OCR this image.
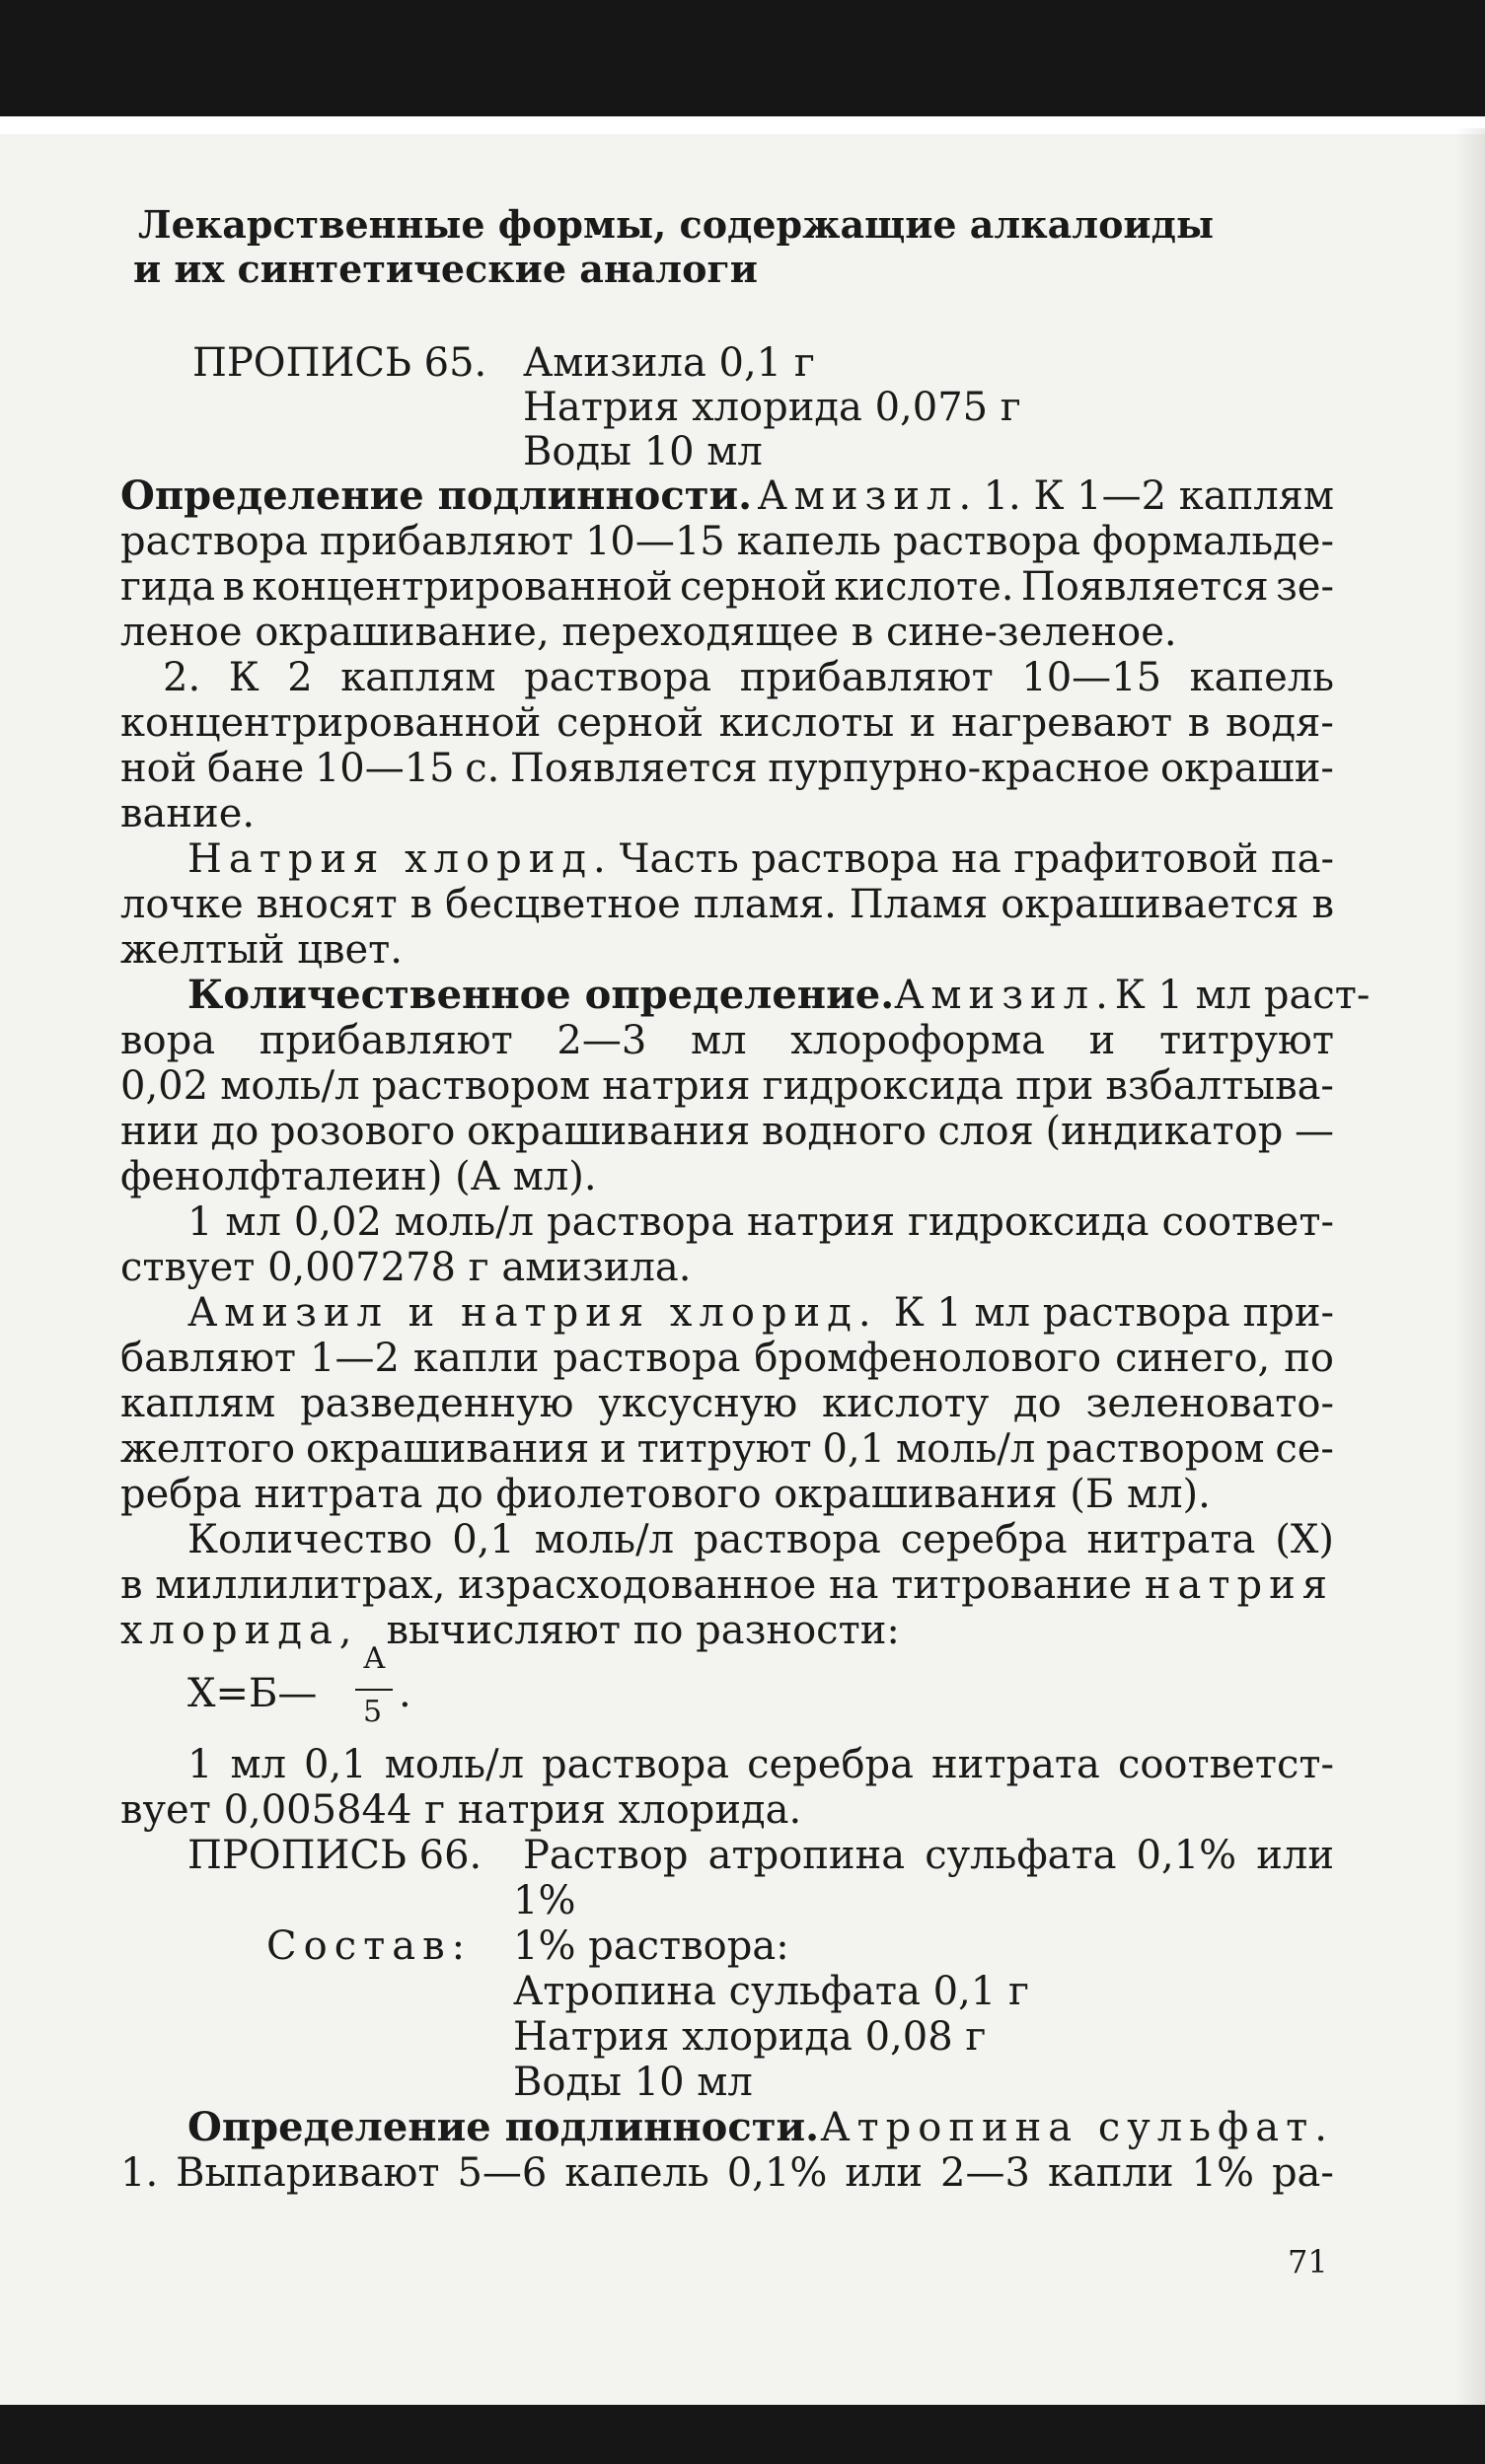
Лекарственные формы, содержащие алкалоиды
и их синтетические аналоги
ПРОПИСЬ 65. Амизила 0,1 г
Натрия хлорида 0,075 г
Воды 10 мл
Определение подлинности. Амизил. 1. К 1—2 каплям
раствора прибавляют 10—15 капель раствора формальде-
гида в концентрированной серной кислоте. Появляется зе-
леное окрашивание, переходящее в сине-зеленое.
2. К 2 каплям раствора прибавляют 10—15 капель
концентрированной серной кислоты и нагревают в водя-
ной бане 10—15 с. Появляется пурпурно-красное окраши-
вание.
Натрия хлорид. Часть раствора на графитовой па-
лочке вносят в бесцветное пламя. Пламя окрашивается в
желтый цвет.
Количественное определение. Амизил. К 1 мл раст-
вора прибавляют 2—3 мл хлороформа и титруют
0,02 моль/л раствором натрия гидроксида при взбалтыва-
нии до розового окрашивания водного слоя (индикатор —
фенолфталеин) (А мл).
1 мл 0,02 моль/л раствора натрия гидроксида соответ-
ствует 0,007278 г амизила.
Амизил и натрия хлорид. К 1 мл раствора при-
бавляют 1—2 капли раствора бромфенолового синего, по
каплям разведенную уксусную кислоту до зеленовато-
желтого окрашивания и титруют 0,1 моль/л раствором се-
ребра нитрата до фиолетового окрашивания (Б мл).
Количество 0,1 моль/л раствора серебра нитрата (X)
в миллилитрах, израсходованное на титрование натрия
хлорида, вычисляют по разности:
X=Б—
А
5 .
1 мл 0,1 моль/л раствора серебра нитрата соответст-
вует 0,005844 г натрия хлорида.
ПРОПИСЬ 66. Раствор атропина сульфата 0,1% или
1%
Состав: 1% раствора:
Атропина сульфата 0,1 г
Натрия хлорида 0,08 г
Воды 10 мл
Определение подлинности. Атропина сульфат.
1. Выпаривают 5—6 капель 0,1% или 2—3 капли 1% ра-
71
